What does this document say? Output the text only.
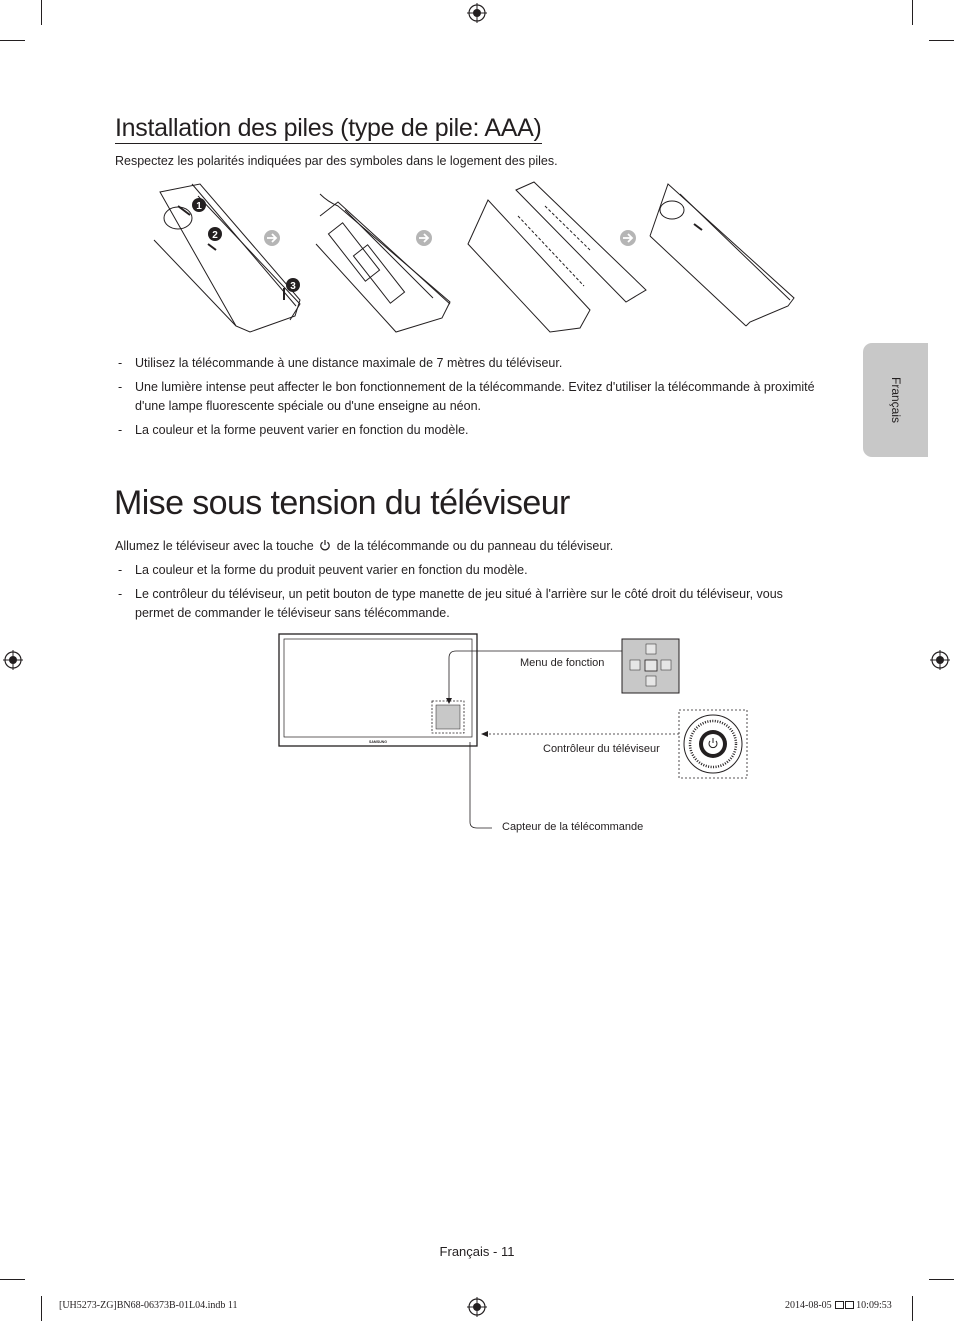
Français
Installation des piles (type de pile: AAA)

Respectez les polarités indiquées par des symboles dans le logement des piles.

1
2
3
- Utilisez la télécommande à une distance maximale de 7 mètres du téléviseur.
- Une lumière intense peut affecter le bon fonctionnement de la télécommande. Evitez d'utiliser la télécommande à proximité d'une lampe fluorescente spéciale ou d'une enseigne au néon.
- La couleur et la forme peuvent varier en fonction du modèle.
Mise sous tension du téléviseur

Allumez le téléviseur avec la touche de la télécommande ou du panneau du téléviseur.

- La couleur et la forme du produit peuvent varier en fonction du modèle.
- Le contrôleur du téléviseur, un petit bouton de type manette de jeu situé à l'arrière sur le côté droit du téléviseur, vous permet de commander le téléviseur sans télécommande.
SAMSUNG
Menu de fonction
Contrôleur du téléviseur
Capteur de la télécommande
Français - 11
[UH5273-ZG]BN68-06373B-01L04.indb 11	2014-08-05 10:09:53
